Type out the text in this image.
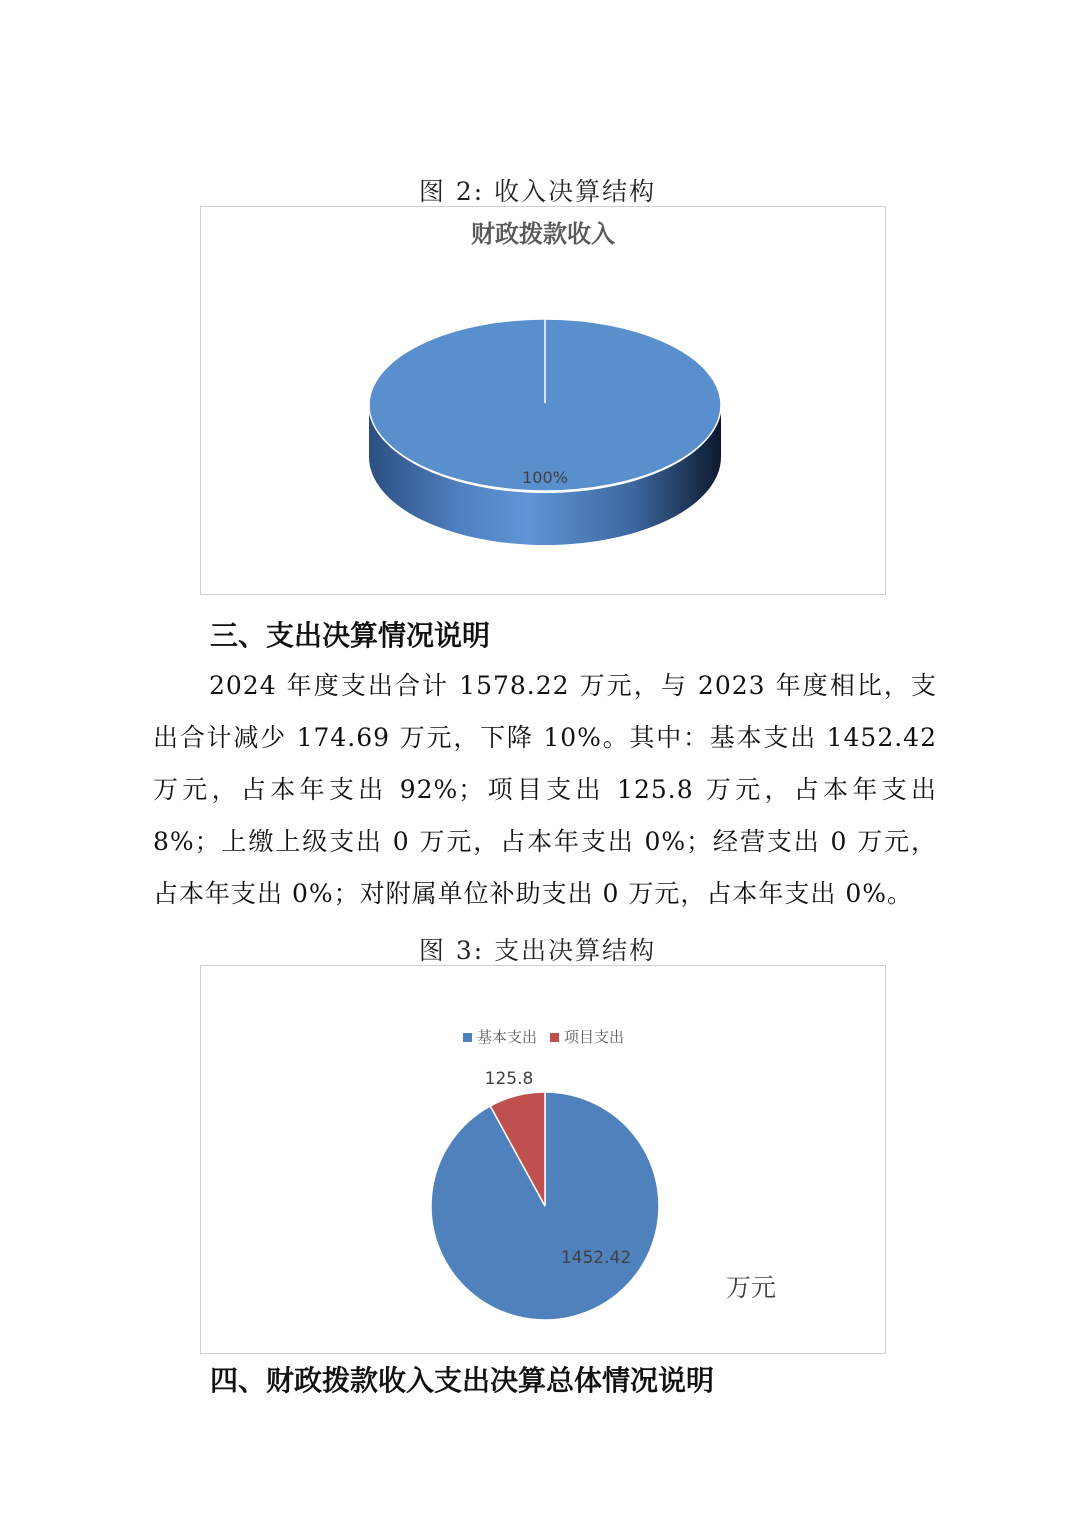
图 2: 收入决算结构
财政拨款收入
100%
三、支出决算情况说明

2024 年度支出合计 1578.22 万元，与 2023 年度相比，支出合计减少 174.69 万元，下降 10%。其中：基本支出 1452.42 万元，占本年支出 92%；项目支出 125.8 万元，占本年支出 8%；上缴上级支出 0 万元，占本年支出 0%；经营支出 0 万元，占本年支出 0%；对附属单位补助支出 0 万元，占本年支出 0%。

图 3: 支出决算结构
基本支出 项目支出
125.8
1452.42
万元
四、财政拨款收入支出决算总体情况说明
